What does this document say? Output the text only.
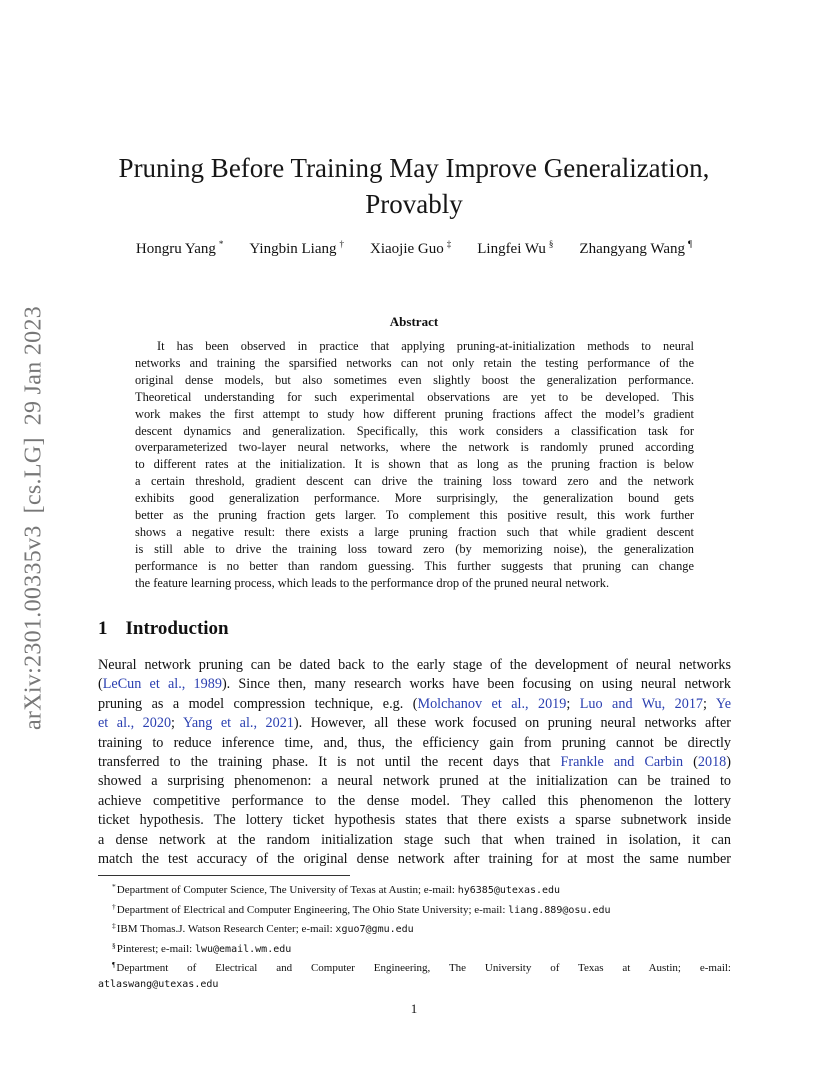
arXiv:2301.00335v3[cs.LG]29 Jan 2023
Pruning Before Training May Improve Generalization,
Provably
Hongru Yang * Yingbin Liang † Xiaojie Guo ‡ Lingfei Wu § Zhangyang Wang ¶
Abstract

It has been observed in practice that applying pruning-at-initialization methods to neural
networks and training the sparsified networks can not only retain the testing performance of the
original dense models, but also sometimes even slightly boost the generalization performance.
Theoretical understanding for such experimental observations are yet to be developed. This
work makes the first attempt to study how different pruning fractions affect the model’s gradient
descent dynamics and generalization. Specifically, this work considers a classification task for
overparameterized two-layer neural networks, where the network is randomly pruned according
to different rates at the initialization. It is shown that as long as the pruning fraction is below
a certain threshold, gradient descent can drive the training loss toward zero and the network
exhibits good generalization performance. More surprisingly, the generalization bound gets
better as the pruning fraction gets larger. To complement this positive result, this work further
shows a negative result: there exists a large pruning fraction such that while gradient descent
is still able to drive the training loss toward zero (by memorizing noise), the generalization
performance is no better than random guessing. This further suggests that pruning can change
the feature learning process, which leads to the performance drop of the pruned neural network.

1 Introduction
Neural network pruning can be dated back to the early stage of the development of neural networks
(LeCun et al., 1989). Since then, many research works have been focusing on using neural network
pruning as a model compression technique, e.g. (Molchanov et al., 2019; Luo and Wu, 2017; Ye
et al., 2020; Yang et al., 2021). However, all these work focused on pruning neural networks after
training to reduce inference time, and, thus, the efficiency gain from pruning cannot be directly
transferred to the training phase. It is not until the recent days that Frankle and Carbin (2018)
showed a surprising phenomenon: a neural network pruned at the initialization can be trained to
achieve competitive performance to the dense model. They called this phenomenon the lottery
ticket hypothesis. The lottery ticket hypothesis states that there exists a sparse subnetwork inside
a dense network at the random initialization stage such that when trained in isolation, it can
match the test accuracy of the original dense network after training for at most the same number
*Department of Computer Science, The University of Texas at Austin; e-mail: hy6385@utexas.edu
†Department of Electrical and Computer Engineering, The Ohio State University; e-mail: liang.889@osu.edu
‡IBM Thomas.J. Watson Research Center; e-mail: xguo7@gmu.edu
§Pinterest; e-mail: lwu@email.wm.edu
¶Department of Electrical and Computer Engineering, The University of Texas at Austin; e-mail:
atlaswang@utexas.edu
1
